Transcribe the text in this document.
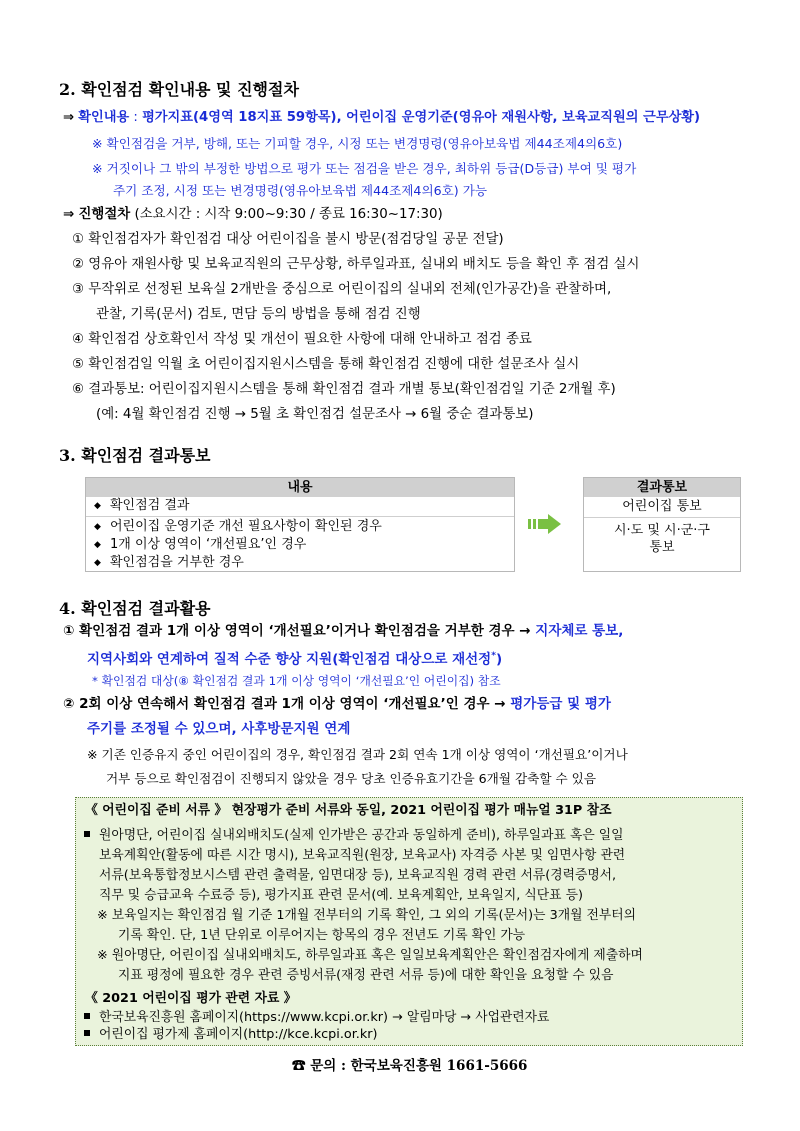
2. 확인점검 확인내용 및 진행절차
⇒ 확인내용 : 평가지표(4영역 18지표 59항목), 어린이집 운영기준(영유아 재원사항, 보육교직원의 근무상황)
※ 확인점검을 거부, 방해, 또는 기피할 경우, 시정 또는 변경명령(영유아보육법 제44조제4의6호)
※ 거짓이나 그 밖의 부정한 방법으로 평가 또는 점검을 받은 경우, 최하위 등급(D등급) 부여 및 평가
주기 조정, 시정 또는 변경명령(영유아보육법 제44조제4의6호) 가능
⇒ 진행절차 (소요시간 : 시작 9:00~9:30 / 종료 16:30~17:30)
① 확인점검자가 확인점검 대상 어린이집을 불시 방문(점검당일 공문 전달)
② 영유아 재원사항 및 보육교직원의 근무상황, 하루일과표, 실내외 배치도 등을 확인 후 점검 실시
③ 무작위로 선정된 보육실 2개반을 중심으로 어린이집의 실내외 전체(인가공간)을 관찰하며,
관찰, 기록(문서) 검토, 면담 등의 방법을 통해 점검 진행
④ 확인점검 상호확인서 작성 및 개선이 필요한 사항에 대해 안내하고 점검 종료
⑤ 확인점검일 익월 초 어린이집지원시스템을 통해 확인점검 진행에 대한 설문조사 실시
⑥ 결과통보: 어린이집지원시스템을 통해 확인점검 결과 개별 통보(확인점검일 기준 2개월 후)
(예: 4월 확인점검 진행 → 5월 초 확인점검 설문조사 → 6월 중순 결과통보)
3. 확인점검 결과통보
내용
◆ 확인점검 결과
◆ 어린이집 운영기준 개선 필요사항이 확인된 경우
◆ 1개 이상 영역이 ‘개선필요’인 경우
◆ 확인점검을 거부한 경우
결과통보
어린이집 통보
시·도 및 시·군·구
통보
4. 확인점검 결과활용
① 확인점검 결과 1개 이상 영역이 ‘개선필요’이거나 확인점검을 거부한 경우 → 지자체로 통보,
지역사회와 연계하여 질적 수준 향상 지원(확인점검 대상으로 재선정*)
* 확인점검 대상(⑧ 확인점검 결과 1개 이상 영역이 ‘개선필요’인 어린이집) 참조
② 2회 이상 연속해서 확인점검 결과 1개 이상 영역이 ‘개선필요’인 경우 → 평가등급 및 평가
주기를 조정될 수 있으며, 사후방문지원 연계
※ 기존 인증유지 중인 어린이집의 경우, 확인점검 결과 2회 연속 1개 이상 영역이 ‘개선필요’이거나
거부 등으로 확인점검이 진행되지 않았을 경우 당초 인증유효기간을 6개월 감축할 수 있음
《 어린이집 준비 서류 》 현장평가 준비 서류와 동일, 2021 어린이집 평가 매뉴얼 31P 참조
원아명단, 어린이집 실내외배치도(실제 인가받은 공간과 동일하게 준비), 하루일과표 혹은 일일
보육계획안(활동에 따른 시간 명시), 보육교직원(원장, 보육교사) 자격증 사본 및 임면사항 관련
서류(보육통합정보시스템 관련 출력물, 임면대장 등), 보육교직원 경력 관련 서류(경력증명서,
직무 및 승급교육 수료증 등), 평가지표 관련 문서(예. 보육계획안, 보육일지, 식단표 등)
※ 보육일지는 확인점검 월 기준 1개월 전부터의 기록 확인, 그 외의 기록(문서)는 3개월 전부터의
기록 확인. 단, 1년 단위로 이루어지는 항목의 경우 전년도 기록 확인 가능
※ 원아명단, 어린이집 실내외배치도, 하루일과표 혹은 일일보육계획안은 확인점검자에게 제출하며
지표 평정에 필요한 경우 관련 증빙서류(재정 관련 서류 등)에 대한 확인을 요청할 수 있음
《 2021 어린이집 평가 관련 자료 》
한국보육진흥원 홈페이지(https://www.kcpi.or.kr) → 알림마당 → 사업관련자료
어린이집 평가제 홈페이지(http://kce.kcpi.or.kr)
☎ 문의 : 한국보육진흥원 1661-5666
